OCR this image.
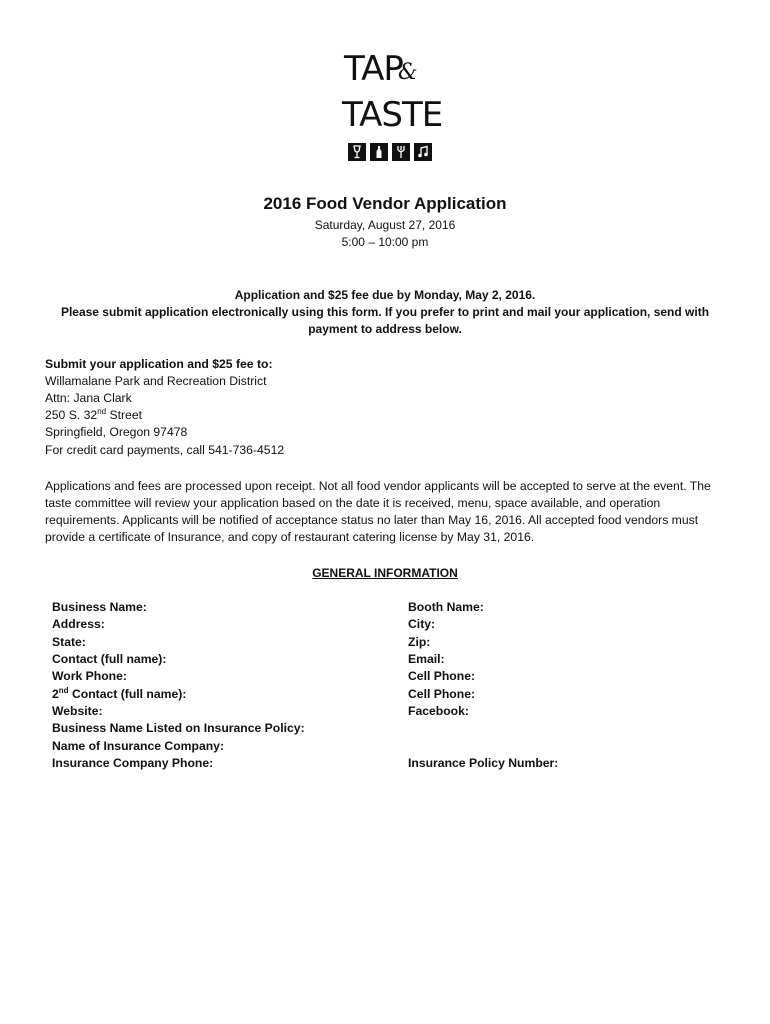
TAP
&
TASTE
2016 Food Vendor Application
Saturday, August 27, 2016
5:00 – 10:00 pm
Application and $25 fee due by Monday, May 2, 2016.
Please submit application electronically using this form. If you prefer to print and mail your application, send with
payment to address below.
Submit your application and $25 fee to:
Willamalane Park and Recreation District
Attn: Jana Clark
250 S. 32nd Street
Springfield, Oregon 97478
For credit card payments, call 541-736-4512
Applications and fees are processed upon receipt. Not all food vendor applicants will be accepted to serve at the event. The taste committee will review your application based on the date it is received, menu, space available, and operation requirements. Applicants will be notified of acceptance status no later than May 16, 2016. All accepted food vendors must provide a certificate of Insurance, and copy of restaurant catering license by May 31, 2016.
GENERAL INFORMATION
Business Name:
Address:
State:
Contact (full name):
Work Phone:
2nd Contact (full name):
Website:
Business Name Listed on Insurance Policy:
Name of Insurance Company:
Insurance Company Phone:
Booth Name:
City:
Zip:
Email:
Cell Phone:
Cell Phone:
Facebook:
Insurance Policy Number:
